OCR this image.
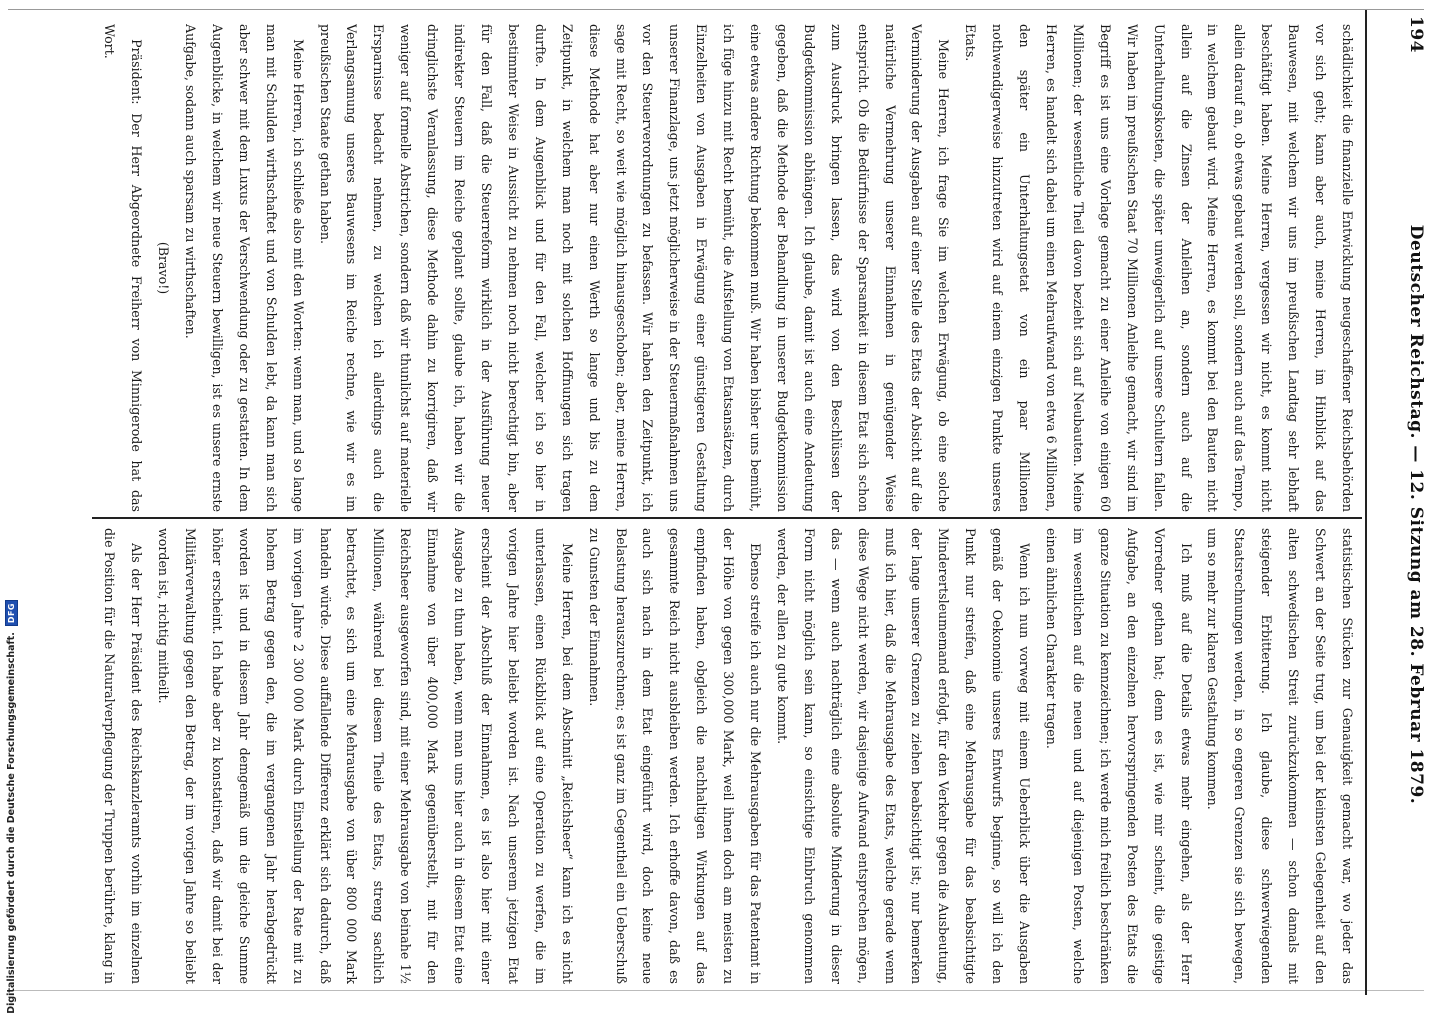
194
Deutscher Reichstag. — 12. Sitzung am 28. Februar 1879.

schädlichkeit die finanzielle Entwicklung neugeschaffener Reichsbehörden vor sich geht; kann aber auch, meine Herren, im Hinblick auf das Bauwesen, mit welchem wir uns im preußischen Landtag sehr lebhaft beschäftigt haben. Meine Herren, vergessen wir nicht, es kommt nicht allein darauf an, ob etwas gebaut werden soll, sondern auch auf das Tempo, in welchem gebaut wird. Meine Herren, es kommt bei den Bauten nicht allein auf die Zinsen der Anleihen an, sondern auch auf die Unterhaltungskosten, die später unweigerlich auf unsere Schultern fallen. Wir haben im preußischen Staat 70 Millionen Anleihe gemacht, wir sind im Begriff es ist uns eine Vorlage gemacht zu einer Anleihe von einigen 60 Millionen; der wesentliche Theil davon bezieht sich auf Neubauten. Meine Herren, es handelt sich dabei um einen Mehraufwand von etwa 6 Millionen, den später ein Unterhaltungsetat von ein paar Millionen nothwendigerweise hinzutreten wird auf einem einzigen Punkte unseres Etats.

Meine Herren, ich frage Sie im welchen Erwägung, ob eine solche Verminderung der Ausgaben auf einer Stelle des Etats der Absicht auf die natürliche Vermehrung unserer Einnahmen in genügender Weise entspricht. Ob die Bedürfnisse der Sparsamkeit in diesem Etat sich schon zum Ausdruck bringen lassen, das wird von den Beschlüssen der Budgetkommission abhängen. Ich glaube, damit ist auch eine Andeutung gegeben, daß die Methode der Behandlung in unserer Budgetkommission eine etwas andere Richtung bekommen muß. Wir haben bisher uns bemüht, ich füge hinzu mit Recht bemüht, die Aufstellung von Etatsansätzen, durch Einzelheiten von Ausgaben in Erwägung einer günstigeren Gestaltung unserer Finanzlage, uns jetzt möglicherweise in der Steuermaßnahmen uns vor den Steuerverordnungen zu befassen. Wir haben den Zeitpunkt, ich sage mit Recht, so weit wie möglich hinausgeschoben; aber, meine Herren, diese Methode hat aber nur einen Werth so lange und bis zu dem Zeitpunkt, in welchem man noch mit solchen Hoffnungen sich tragen durfte. In dem Augenblick und für den Fall, welcher ich so hier in bestimmter Weise in Aussicht zu nehmen noch nicht berechtigt bin, aber für den Fall, daß die Steuerreform wirklich in der Ausführung neuer indirekter Steuern im Reiche geplant sollte, glaube ich, haben wir die dringlichste Veranlassung, diese Methode dahin zu korrigiren, daß wir weniger auf formelle Abstrichen, sondern daß wir thunlichst auf materielle Ersparnisse bedacht nehmen, zu welchen ich allerdings auch die Verlangsamung unseres Bauwesens im Reiche rechne, wie wir es im preußischen Staate gethan haben.

Meine Herren, ich schließe also mit den Worten: wenn man, und so lange man mit Schulden wirthschaftet und von Schulden lebt, da kann man sich aber schwer mit dem Luxus der Verschwendung oder zu gestatten. In dem Augenblicke, in welchem wir neue Steuern bewilligen, ist es unsere ernste Aufgabe, sodann auch sparsam zu wirthschaften.

(Bravo!)

Präsident: Der Herr Abgeordnete Freiherr von Minnigerode hat das Wort.

statistischen Stücken zur Genauigkeit gemacht war, wo jeder das Schwert an der Seite trug, um bei der kleinsten Gelegenheit auf den alten schwedischen Streit zurückzukommen — schon damals mit steigender Erbitterung. Ich glaube, diese schwerwiegenden Staatsrechnungen werden, in so engeren Grenzen sie sich bewegen, um so mehr zur klaren Gestaltung kommen.

Ich muß auf die Details etwas mehr eingehen, als der Herr Vorredner gethan hat; denn es ist, wie mir scheint, die geistige Aufgabe, an den einzelnen hervorspringenden Posten des Etats die ganze Situation zu kennzeichnen; ich werde mich freilich beschränken im wesentlichen auf die neuen und auf diejenigen Posten, welche einen ähnlichen Charakter tragen.

Wenn ich nun vorweg mit einem Ueberblick über die Ausgaben gemäß der Oekonomie unseres Entwurfs beginne, so will ich den Punkt nur streifen, daß eine Mehrausgabe für das beabsichtigte Minderertsleumemand erfolgt, für den Verkehr gegen die Ausbeutung, der lange unserer Grenzen zu ziehen beabsichtigt ist; nur bemerken muß ich hier, daß die Mehrausgabe des Etats, welche gerade wenn diese Wege nicht werden, wir dasjenige Aufwand entsprechen mögen, das — wenn auch nachträglich eine absolute Minderung in dieser Form nicht möglich sein kann, so einsichtige Einbruch genommen werden, der allen zu gute kommt.

Ebenso streife ich auch nur die Mehrausgaben für das Patentamt in der Höhe von gegen 300,000 Mark, weil ihnen doch am meisten zu empfinden haben, obgleich die nachhaltigen Wirkungen auf das gesammte Reich nicht ausbleiben werden. Ich erhoffe davon, daß es auch sich nach in dem Etat eingeführt wird, doch keine neue Belastung herauszurechnen; es ist ganz im Gegentheil ein Ueberschuß zu Gunsten der Einnahmen.

Meine Herren, bei dem Abschnitt „Reichsheer“ kann ich es nicht unterlassen, einen Rückblick auf eine Operation zu werfen, die im vorigen Jahre hier beliebt worden ist. Nach unserem jetzigen Etat erscheint der Abschluß der Einnahmen, es ist also hier mit einer Ausgabe zu thun haben, wenn man uns hier auch in diesem Etat eine Einnahme von über 400,000 Mark gegenüberstellt, mit für den Reichsheer ausgeworfen sind, mit einer Mehrausgabe von beinahe 1½ Millionen, während bei diesem Theile des Etats, streng sachlich betrachtet, es sich um eine Mehrausgabe von über 800 000 Mark handeln würde. Diese auffallende Differenz erklärt sich dadurch, daß im vorigen Jahre 2 300 000 Mark durch Einstellung der Rate mit zu hohem Betrag gegen den, die im vergangenen Jahr herabgedrückt worden ist und in diesem Jahr demgemäß um die gleiche Summe höher erscheint. Ich habe aber zu konstatiren, daß wir damit bei der Militärverwaltung gegen den Betrag, der im vorigen Jahre so beliebt worden ist, richtig mitheilt.

Als der Herr Präsident des Reichskanzleramts vorhin im einzelnen die Position für die Naturalverpflegung der Truppen berührte, klang in

Digitalisierung gefördert durch die Deutsche Forschungsgemeinschaft.
DFG
